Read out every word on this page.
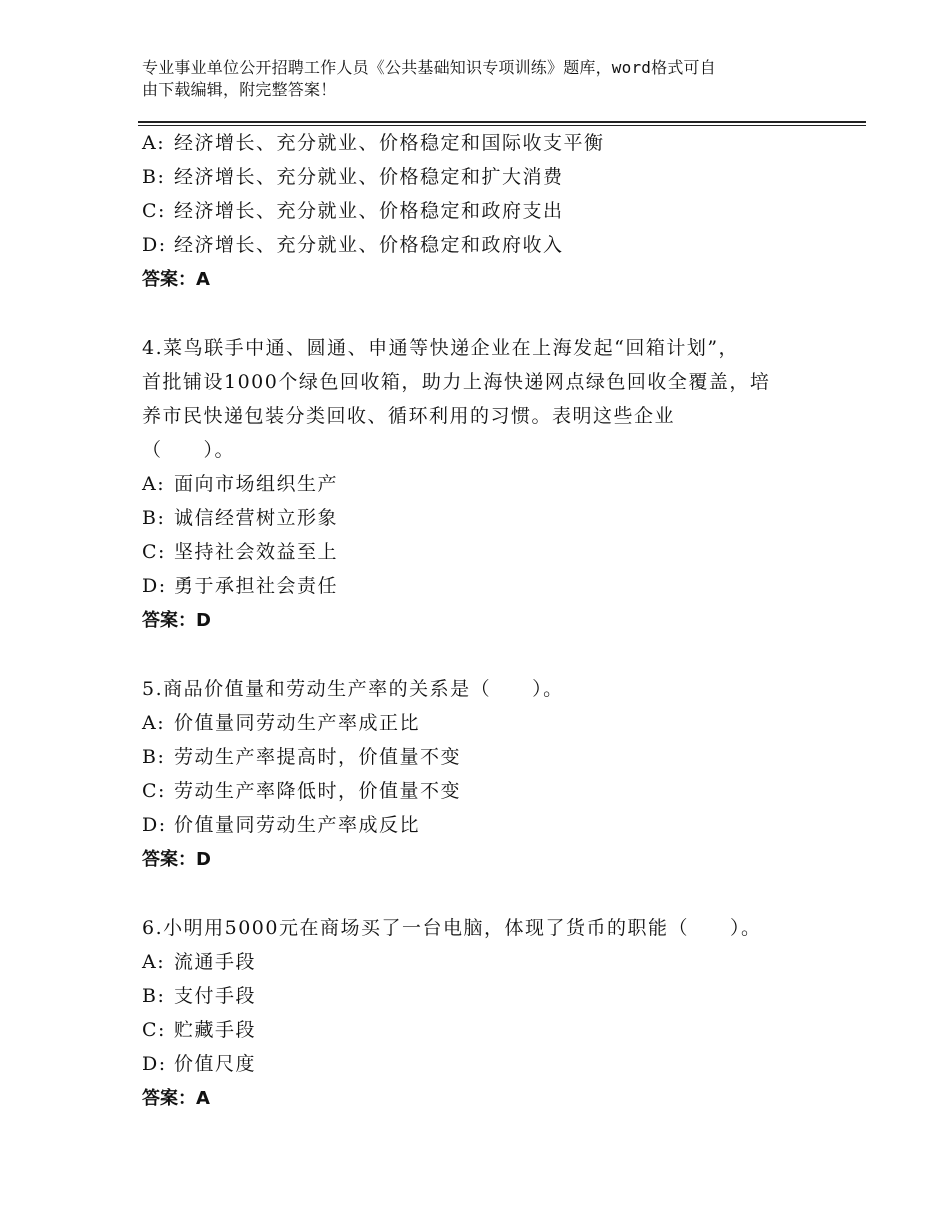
专业事业单位公开招聘工作人员《公共基础知识专项训练》题库，word格式可自
由下载编辑，附完整答案！
A: 经济增长、充分就业、价格稳定和国际收支平衡
B: 经济增长、充分就业、价格稳定和扩大消费
C: 经济增长、充分就业、价格稳定和政府支出
D: 经济增长、充分就业、价格稳定和政府收入
答案：A
4.菜鸟联手中通、圆通、申通等快递企业在上海发起“回箱计划”，
首批铺设1000个绿色回收箱，助力上海快递网点绿色回收全覆盖，培
养市民快递包装分类回收、循环利用的习惯。表明这些企业
（　　）。
A: 面向市场组织生产
B: 诚信经营树立形象
C: 坚持社会效益至上
D: 勇于承担社会责任
答案：D
5.商品价值量和劳动生产率的关系是（　　）。
A: 价值量同劳动生产率成正比
B: 劳动生产率提高时，价值量不变
C: 劳动生产率降低时，价值量不变
D: 价值量同劳动生产率成反比
答案：D
6.小明用5000元在商场买了一台电脑，体现了货币的职能（　　）。
A: 流通手段
B: 支付手段
C: 贮藏手段
D: 价值尺度
答案：A
